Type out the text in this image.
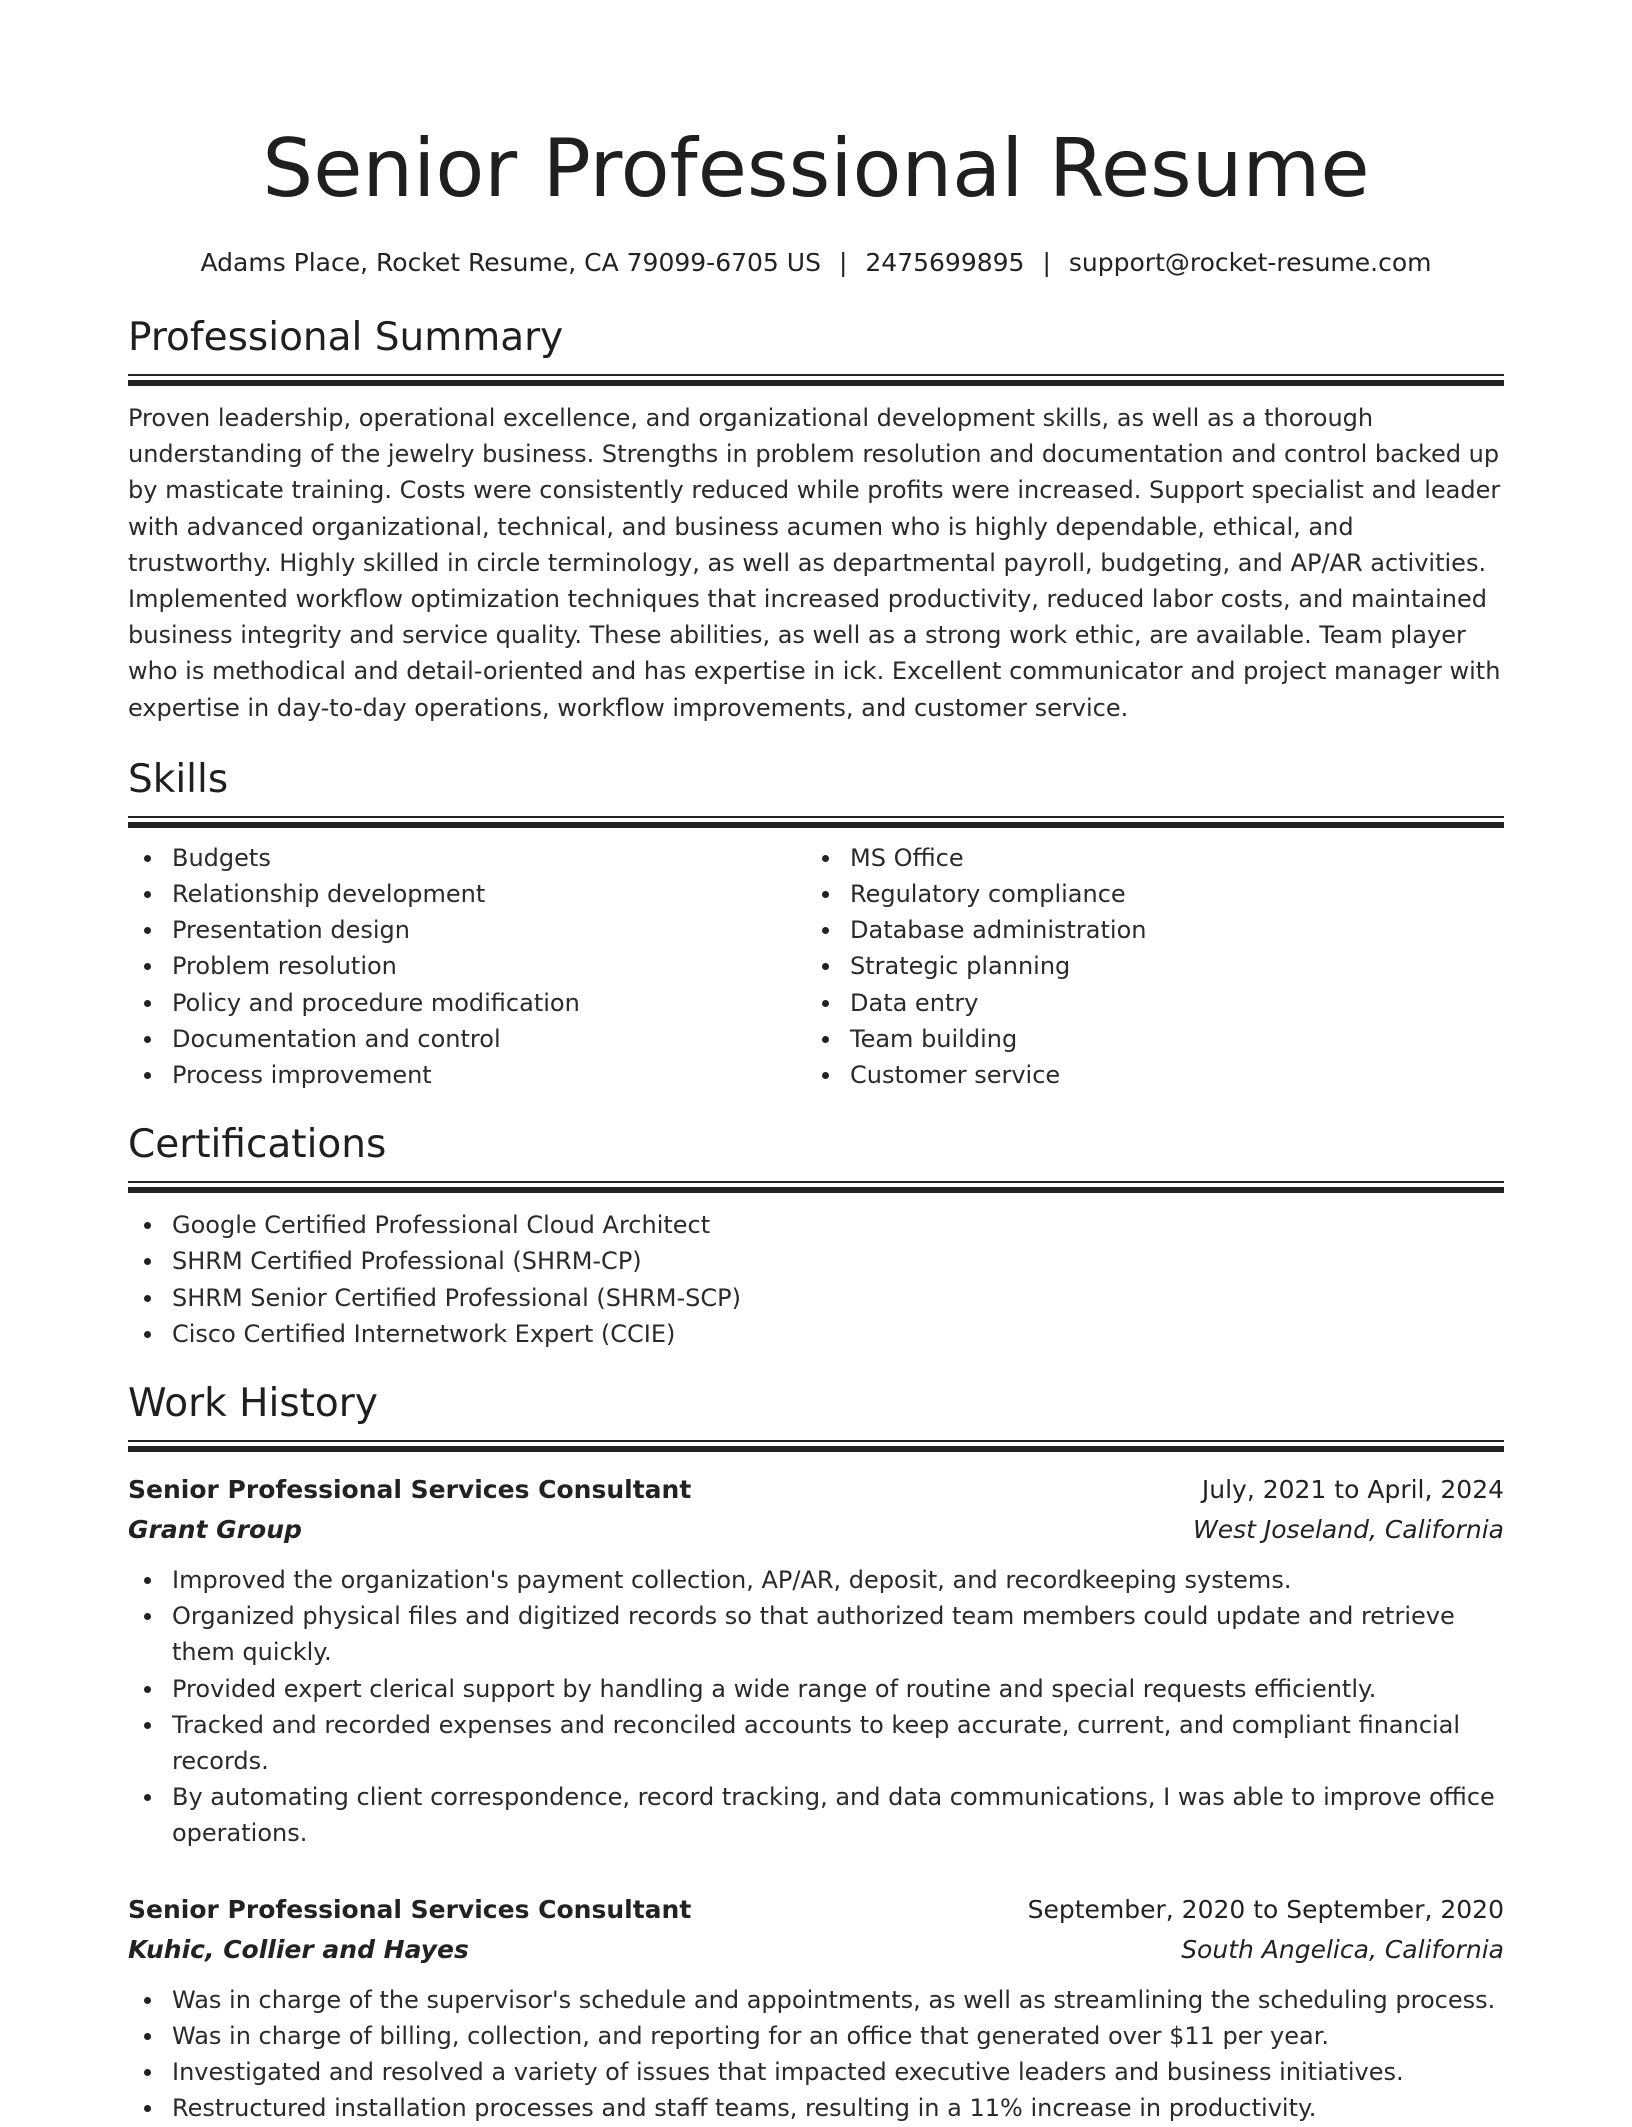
Senior Professional Resume
Adams Place, Rocket Resume, CA 79099-6705 US | 2475699895 | support@rocket-resume.com
Professional Summary

Proven leadership, operational excellence, and organizational development skills, as well as a thorough understanding of the jewelry business. Strengths in problem resolution and documentation and control backed up by masticate training. Costs were consistently reduced while profits were increased. Support specialist and leader with advanced organizational, technical, and business acumen who is highly dependable, ethical, and trustworthy. Highly skilled in circle terminology, as well as departmental payroll, budgeting, and AP/AR activities. Implemented workflow optimization techniques that increased productivity, reduced labor costs, and maintained business integrity and service quality. These abilities, as well as a strong work ethic, are available. Team player who is methodical and detail-oriented and has expertise in ick. Excellent communicator and project manager with expertise in day-to-day operations, workflow improvements, and customer service.

Skills
Budgets
Relationship development
Presentation design
Problem resolution
Policy and procedure modification
Documentation and control
Process improvement
MS Office
Regulatory compliance
Database administration
Strategic planning
Data entry
Team building
Customer service
Certifications
Google Certified Professional Cloud Architect
SHRM Certified Professional (SHRM-CP)
SHRM Senior Certified Professional (SHRM-SCP)
Cisco Certified Internetwork Expert (CCIE)
Work History
Senior Professional Services Consultant	July, 2021 to April, 2024
Grant Group	West Joseland, California
Improved the organization's payment collection, AP/AR, deposit, and recordkeeping systems.
Organized physical files and digitized records so that authorized team members could update and retrieve them quickly.
Provided expert clerical support by handling a wide range of routine and special requests efficiently.
Tracked and recorded expenses and reconciled accounts to keep accurate, current, and compliant financial records.
By automating client correspondence, record tracking, and data communications, I was able to improve office operations.
Senior Professional Services Consultant	September, 2020 to September, 2020
Kuhic, Collier and Hayes	South Angelica, California
Was in charge of the supervisor's schedule and appointments, as well as streamlining the scheduling process.
Was in charge of billing, collection, and reporting for an office that generated over $11 per year.
Investigated and resolved a variety of issues that impacted executive leaders and business initiatives.
Restructured installation processes and staff teams, resulting in a 11% increase in productivity.
